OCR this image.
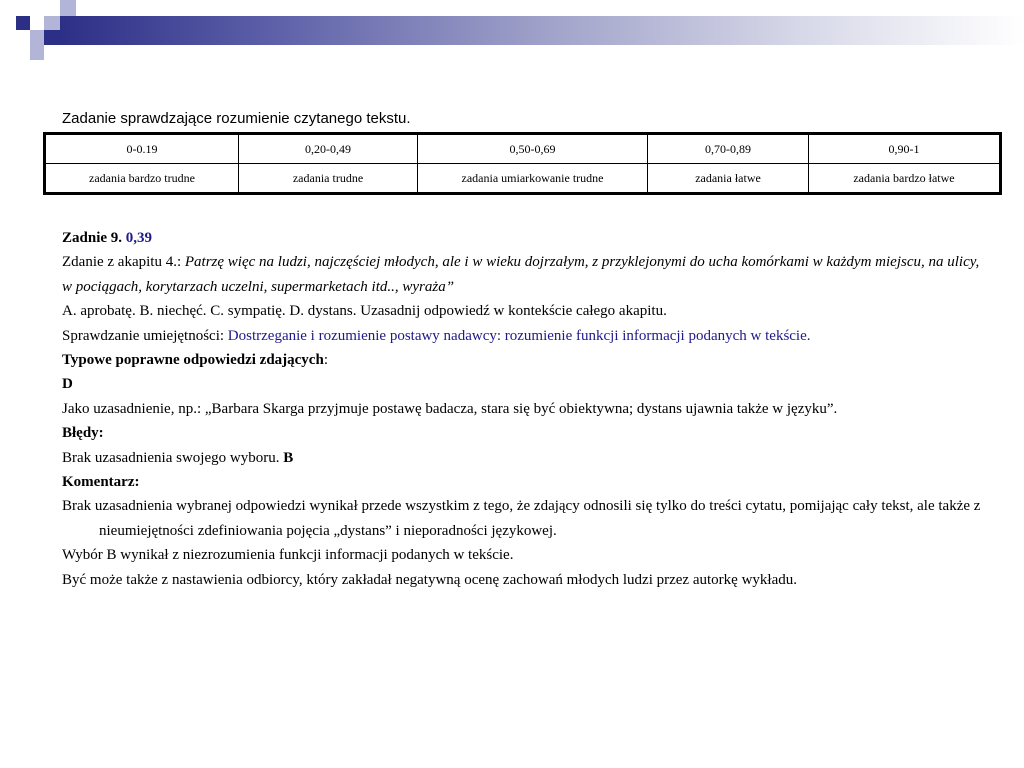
Zadanie sprawdzające rozumienie czytanego tekstu.
0-0.19	0,20-0,49	0,50-0,69	0,70-0,89	0,90-1
zadania bardzo trudne	zadania trudne	zadania umiarkowanie trudne	zadania łatwe	zadania bardzo łatwe

Zadnie 9. 0,39

Zdanie z akapitu 4.: Patrzę więc na ludzi, najczęściej młodych, ale i w wieku dojrzałym, z przyklejonymi do ucha komórkami w każdym miejscu, na ulicy, w pociągach, korytarzach uczelni, supermarketach itd.., wyraża”

A. aprobatę. B. niechęć. C. sympatię. D. dystans. Uzasadnij odpowiedź w kontekście całego akapitu.

Sprawdzanie umiejętności: Dostrzeganie i rozumienie postawy nadawcy: rozumienie funkcji informacji podanych w tekście.

Typowe poprawne odpowiedzi zdających:

D

Jako uzasadnienie, np.: „Barbara Skarga przyjmuje postawę badacza, stara się być obiektywna; dystans ujawnia także w języku”.

Błędy:

Brak uzasadnienia swojego wyboru. B

Komentarz:

Brak uzasadnienia wybranej odpowiedzi wynikał przede wszystkim z tego, że zdający odnosili się tylko do treści cytatu, pomijając cały tekst, ale także z nieumiejętności zdefiniowania pojęcia „dystans” i nieporadności językowej.

Wybór B wynikał z niezrozumienia funkcji informacji podanych w tekście.

Być może także z nastawienia odbiorcy, który zakładał negatywną ocenę zachowań młodych ludzi przez autorkę wykładu.
